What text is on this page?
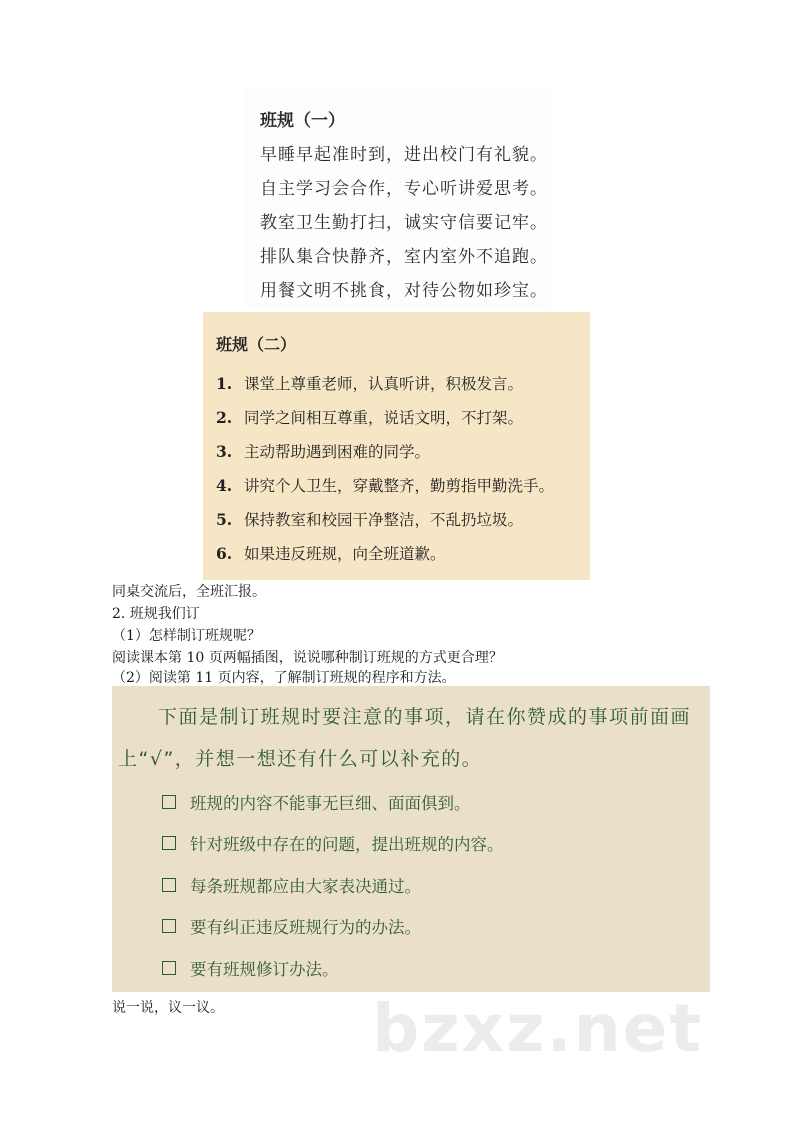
班规（一）
早睡早起准时到，进出校门有礼貌。
自主学习会合作，专心听讲爱思考。
教室卫生勤打扫，诚实守信要记牢。
排队集合快静齐，室内室外不追跑。
用餐文明不挑食，对待公物如珍宝。
班规（二）
1. 课堂上尊重老师，认真听讲，积极发言。
2. 同学之间相互尊重，说话文明，不打架。
3. 主动帮助遇到困难的同学。
4. 讲究个人卫生，穿戴整齐，勤剪指甲勤洗手。
5. 保持教室和校园干净整洁，不乱扔垃圾。
6. 如果违反班规，向全班道歉。
同桌交流后，全班汇报。
2. 班规我们订
（1）怎样制订班规呢？
阅读课本第 10 页两幅插图，说说哪种制订班规的方式更合理？
（2）阅读第 11 页内容，了解制订班规的程序和方法。
下面是制订班规时要注意的事项，请在你赞成的事项前面画
上“√”，并想一想还有什么可以补充的。
班规的内容不能事无巨细、面面俱到。
针对班级中存在的问题，提出班规的内容。
每条班规都应由大家表决通过。
要有纠正违反班规行为的办法。
要有班规修订办法。
说一说，议一议。 bzxz.net
